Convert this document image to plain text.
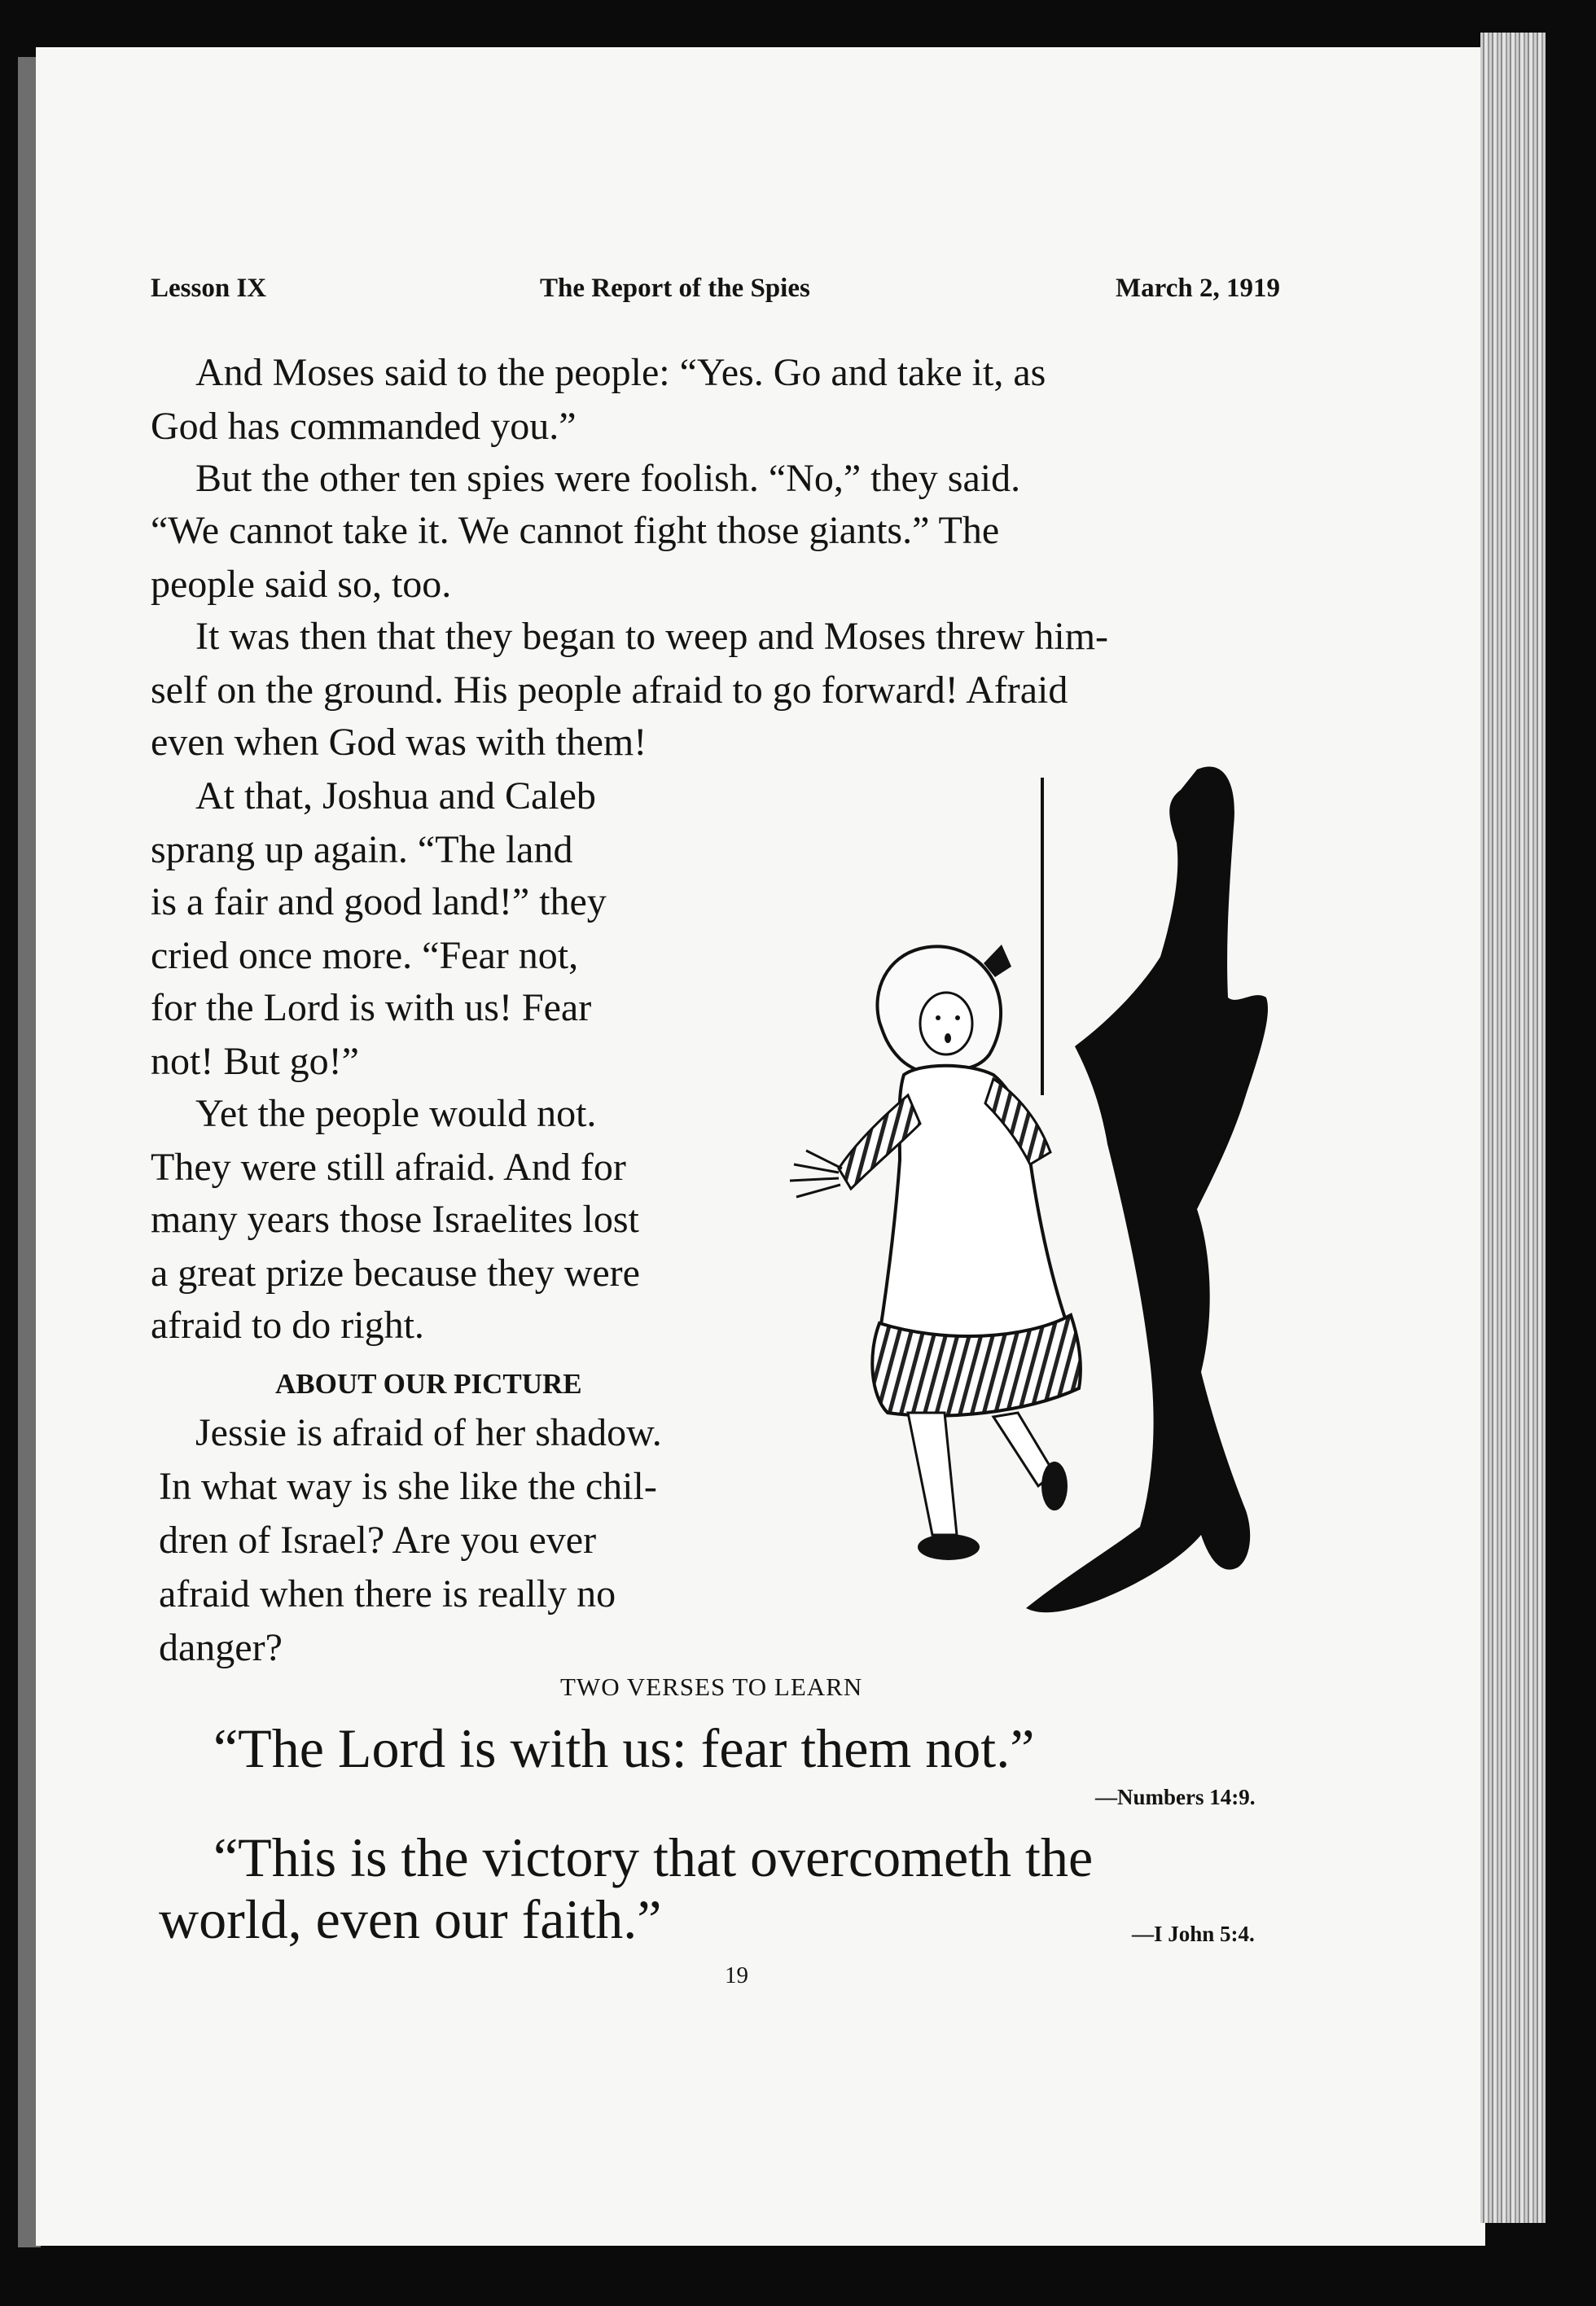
Lesson IX	The Report of the Spies	March 2, 1919

And Moses said to the people: “Yes. Go and take it, as

God has commanded you.”

But the other ten spies were foolish. “No,” they said.

“We cannot take it. We cannot fight those giants.” The

people said so, too.

It was then that they began to weep and Moses threw him-

self on the ground. His people afraid to go forward! Afraid

even when God was with them!

At that, Joshua and Caleb

sprang up again. “The land

is a fair and good land!” they

cried once more. “Fear not,

for the Lord is with us! Fear

not! But go!”

Yet the people would not.

They were still afraid. And for

many years those Israelites lost

a great prize because they were

afraid to do right.

ABOUT OUR PICTURE

Jessie is afraid of her shadow.

In what way is she like the chil-

dren of Israel? Are you ever

afraid when there is really no

danger?

TWO VERSES TO LEARN

“The Lord is with us: fear them not.”

—Numbers 14:9.

“This is the victory that overcometh the

world, even our faith.”	—I John 5:4.

19
